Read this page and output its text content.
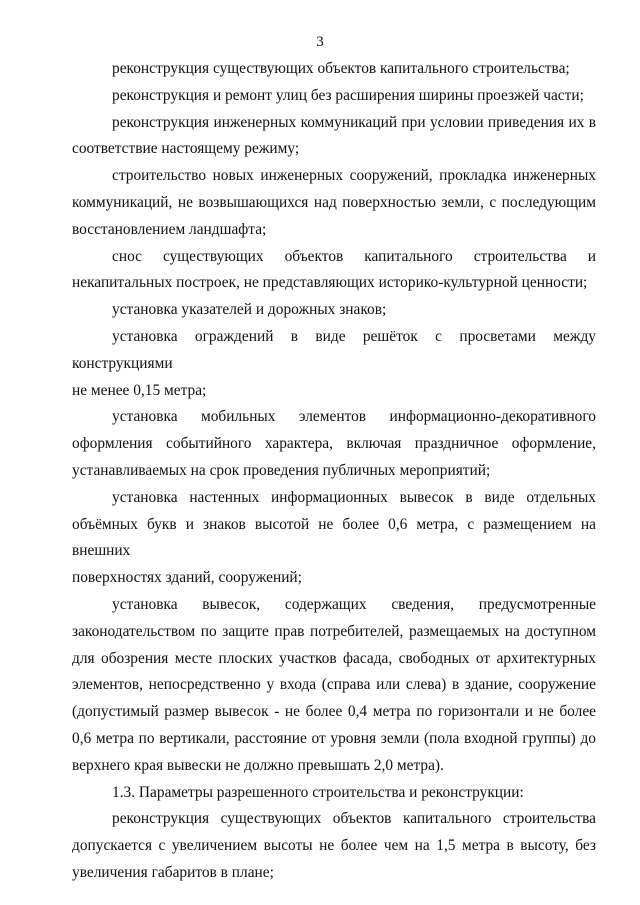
3
реконструкция существующих объектов капитального строительства;
реконструкция и ремонт улиц без расширения ширины проезжей части;
реконструкция инженерных коммуникаций при условии приведения их в
соответствие настоящему режиму;
строительство новых инженерных сооружений, прокладка инженерных
коммуникаций, не возвышающихся над поверхностью земли, с последующим
восстановлением ландшафта;
снос существующих объектов капитального строительства и
некапитальных построек, не представляющих историко-культурной ценности;
установка указателей и дорожных знаков;
установка ограждений в виде решёток с просветами между конструкциями
не менее 0,15 метра;
установка мобильных элементов информационно-декоративного
оформления событийного характера, включая праздничное оформление,
устанавливаемых на срок проведения публичных мероприятий;
установка настенных информационных вывесок в виде отдельных
объёмных букв и знаков высотой не более 0,6 метра, с размещением на внешних
поверхностях зданий, сооружений;
установка вывесок, содержащих сведения, предусмотренные
законодательством по защите прав потребителей, размещаемых на доступном
для обозрения месте плоских участков фасада, свободных от архитектурных
элементов, непосредственно у входа (справа или слева) в здание, сооружение
(допустимый размер вывесок - не более 0,4 метра по горизонтали и не более
0,6 метра по вертикали, расстояние от уровня земли (пола входной группы) до
верхнего края вывески не должно превышать 2,0 метра).
1.3. Параметры разрешенного строительства и реконструкции:
реконструкция существующих объектов капитального строительства
допускается с увеличением высоты не более чем на 1,5 метра в высоту, без
увеличения габаритов в плане;
